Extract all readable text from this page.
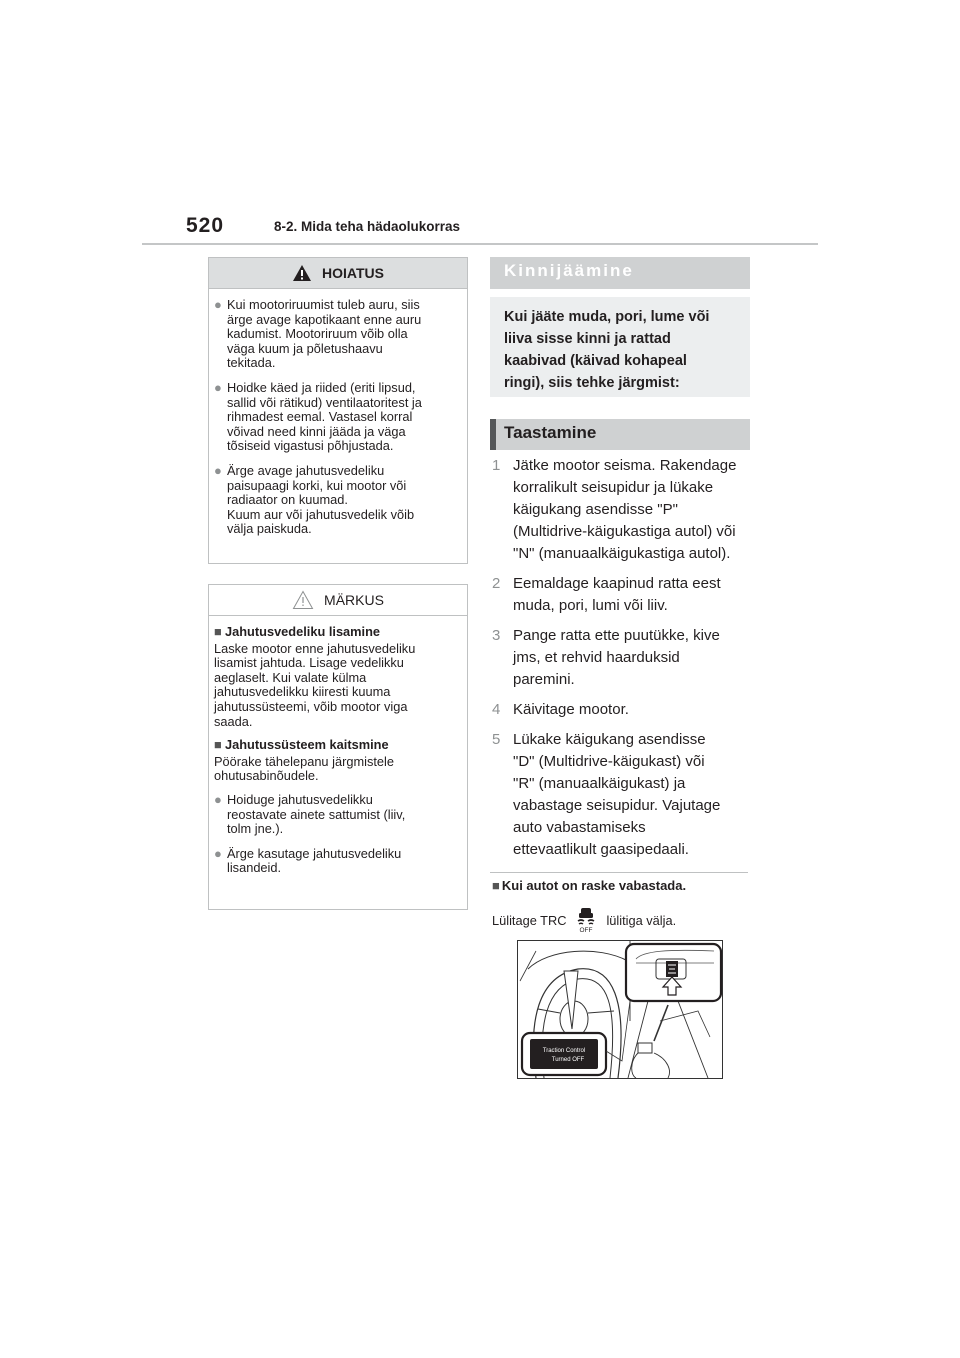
520	8-2. Mida teha hädaolukorras
HOIATUS
● Kui mootoriruumist tuleb auru, siis
ärge avage kapotikaant enne auru
kadumist. Mootoriruum võib olla
väga kuum ja põletushaavu
tekitada.
● Hoidke käed ja riided (eriti lipsud,
sallid või rätikud) ventilaatoritest ja
rihmadest eemal. Vastasel korral
võivad need kinni jääda ja väga
tõsiseid vigastusi põhjustada.
● Ärge avage jahutusvedeliku
paisupaagi korki, kui mootor või
radiaator on kuumad.
Kuum aur või jahutusvedelik võib
välja paiskuda.
MÄRKUS
■ Jahutusvedeliku lisamine
Laske mootor enne jahutusvedeliku
lisamist jahtuda. Lisage vedelikku
aeglaselt. Kui valate külma
jahutusvedelikku kiiresti kuuma
jahutussüsteemi, võib mootor viga
saada.
■ Jahutussüsteem kaitsmine
Pöörake tähelepanu järgmistele
ohutusabinõudele.
● Hoiduge jahutusvedelikku
reostavate ainete sattumist (liiv,
tolm jne.).
● Ärge kasutage jahutusvedeliku
lisandeid.
Kinnijäämine
Kui jääte muda, pori, lume või
liiva sisse kinni ja rattad
kaabivad (käivad kohapeal
ringi), siis tehke järgmist:
Taastamine
1 Jätke mootor seisma. Rakendage
korralikult seisupidur ja lükake
käigukang asendisse "P"
(Multidrive-käigukastiga autol) või
"N" (manuaalkäigukastiga autol).
2 Eemaldage kaapinud ratta eest
muda, pori, lumi või liiv.
3 Pange ratta ette puutükke, kive
jms, et rehvid haarduksid
paremini.
4 Käivitage mootor.
5 Lükake käigukang asendisse
"D" (Multidrive-käigukast) või
"R" (manuaalkäigukast) ja
vabastage seisupidur. Vajutage
auto vabastamiseks
ettevaatlikult gaasipedaali.
■ Kui autot on raske vabastada.
Lülitage TRC
OFF
lülitiga välja.
Traction Control
Turned OFF
